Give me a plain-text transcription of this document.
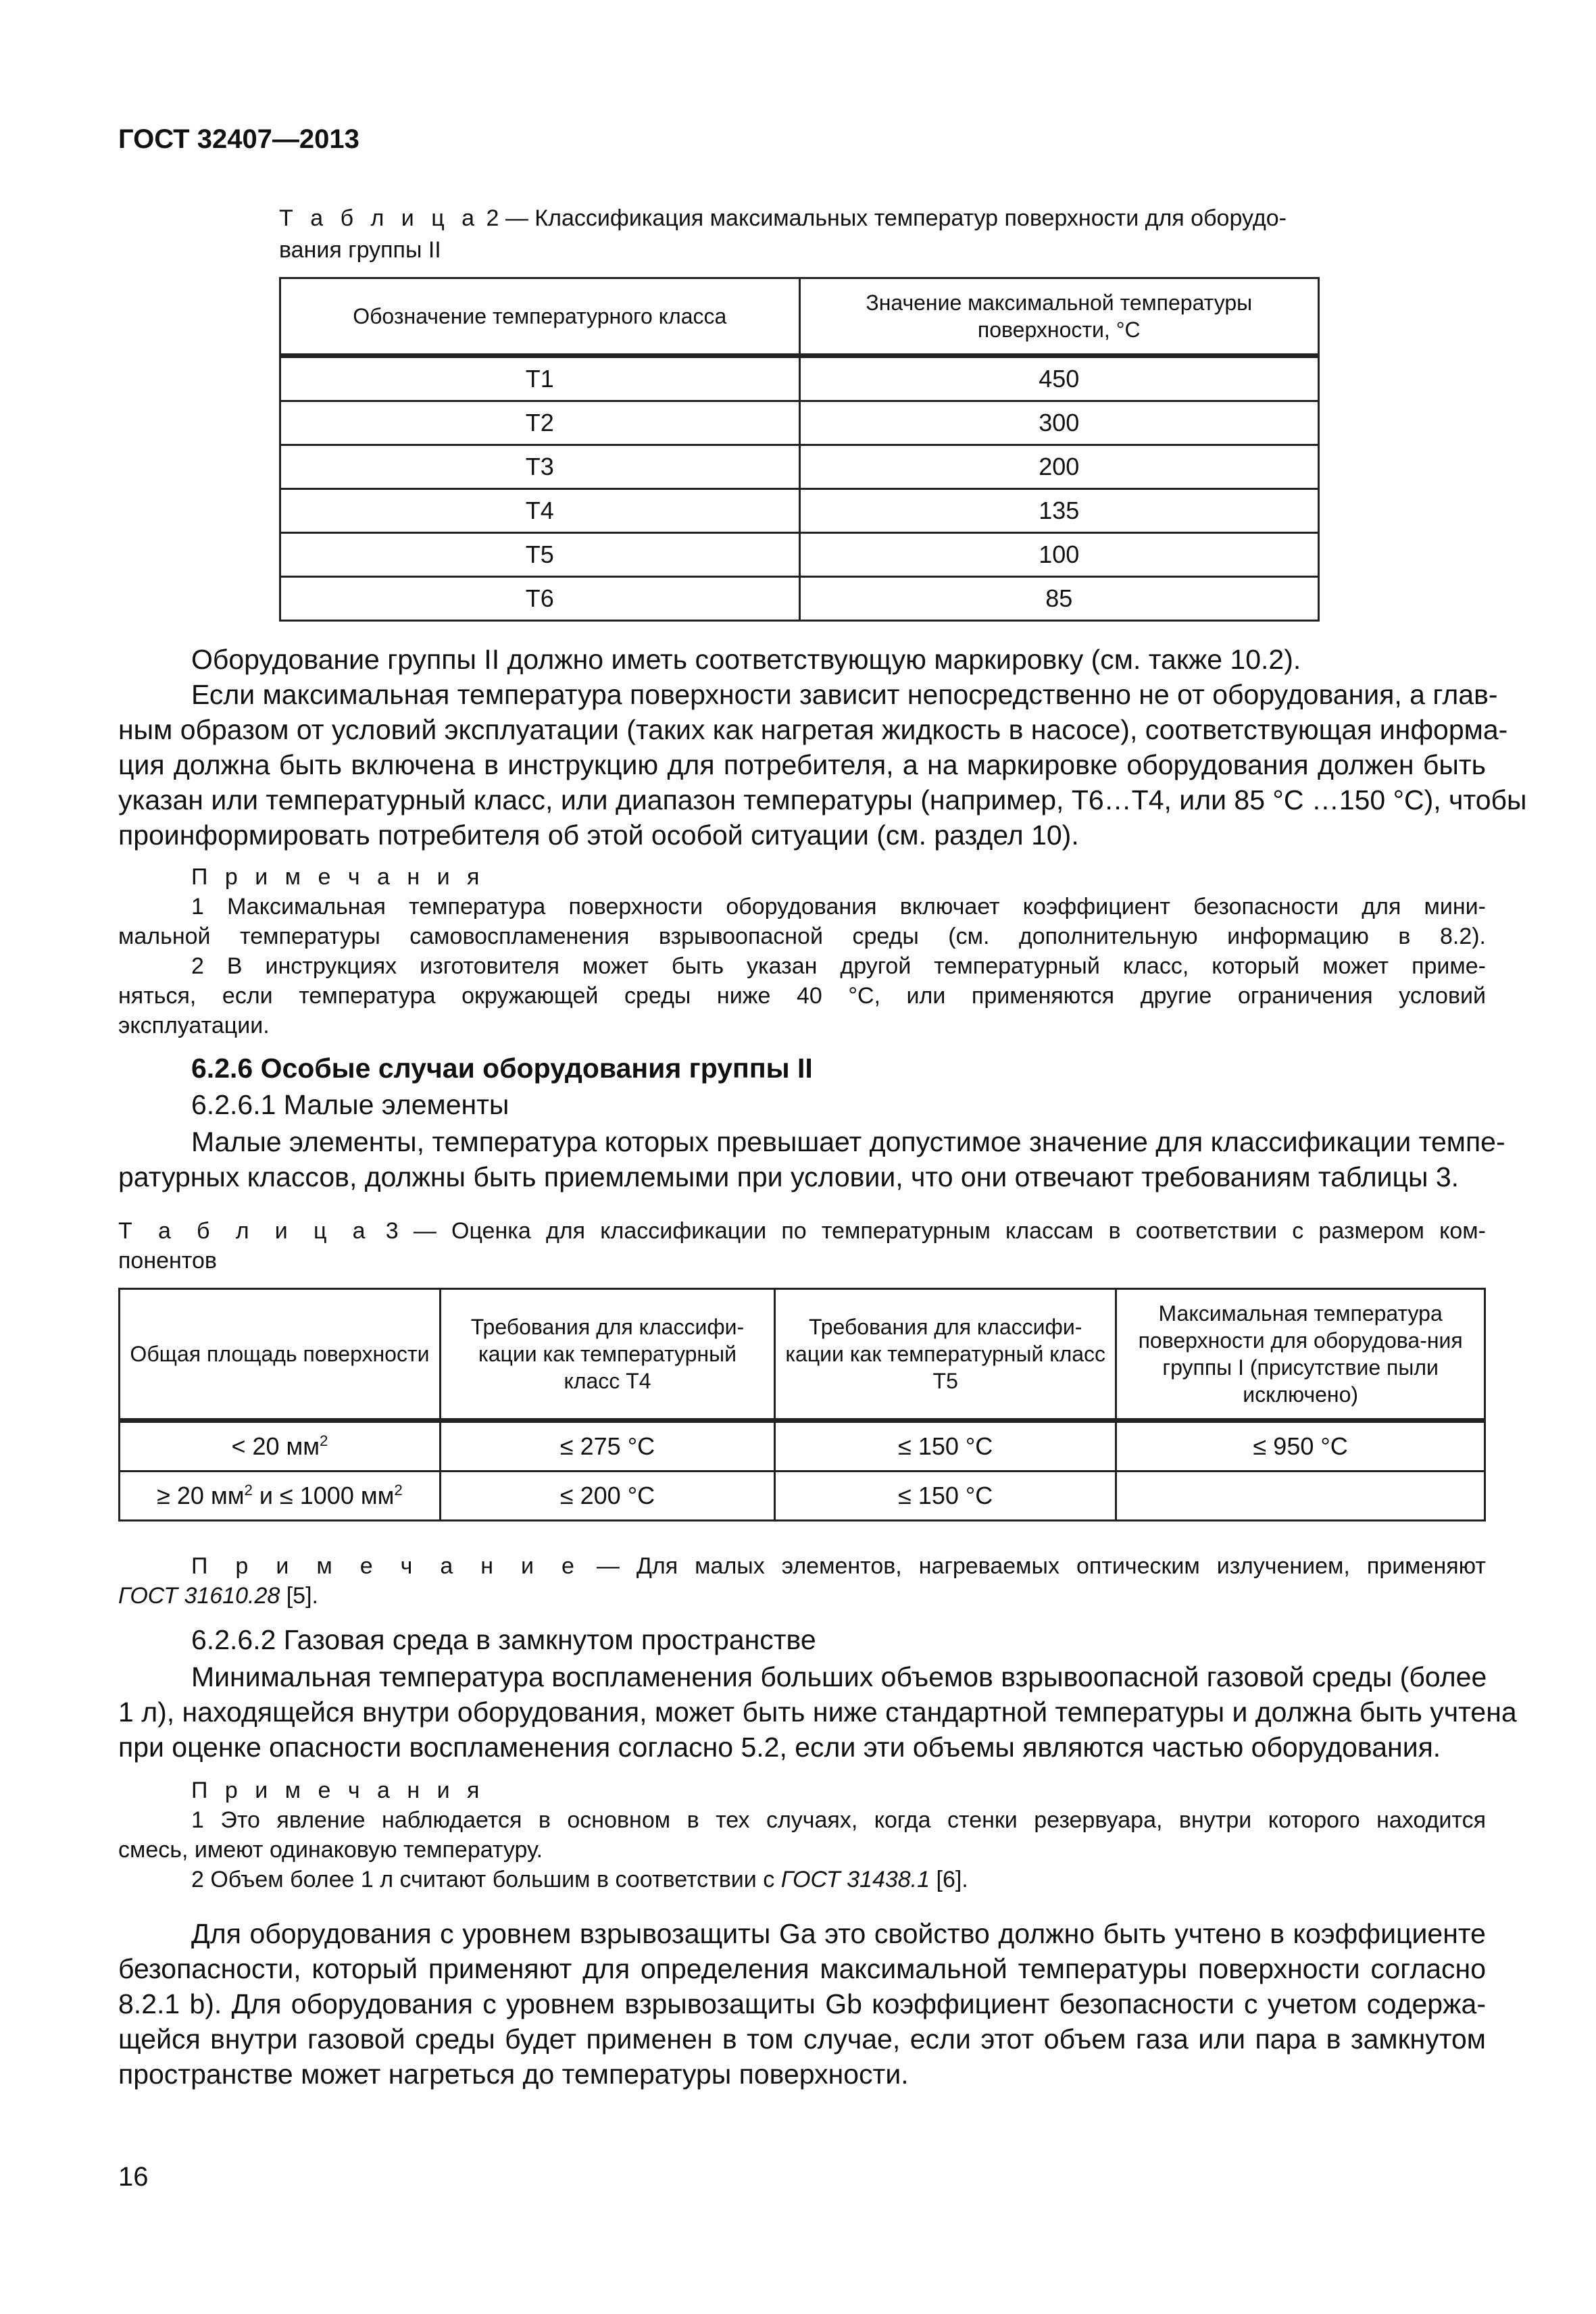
ГОСТ 32407—2013
Т а б л и ц а 2 — Классификация максимальных температур поверхности для оборудо-
вания группы II
Обозначение температурного класса	Значение максимальной температуры поверхности, °С
Т1	450
Т2	300
Т3	200
Т4	135
Т5	100
Т6	85
Оборудование группы II должно иметь соответствующую маркировку (см. также 10.2).
Если максимальная температура поверхности зависит непосредственно не от оборудования, а глав-
ным образом от условий эксплуатации (таких как нагретая жидкость в насосе), соответствующая информа-
ция должна быть включена в инструкцию для потребителя, а на маркировке оборудования должен быть
указан или температурный класс, или диапазон температуры (например, Т6…Т4, или 85 °С …150 °С), чтобы
проинформировать потребителя об этой особой ситуации (см. раздел 10).
П р и м е ч а н и я
1 Максимальная температура поверхности оборудования включает коэффициент безопасности для мини-
мальной температуры самовоспламенения взрывоопасной среды (см. дополнительную информацию в 8.2).
2 В инструкциях изготовителя может быть указан другой температурный класс, который может приме-
няться, если температура окружающей среды ниже 40 °С, или применяются другие ограничения условий
эксплуатации.
6.2.6 Особые случаи оборудования группы II
6.2.6.1 Малые элементы
Малые элементы, температура которых превышает допустимое значение для классификации темпе-
ратурных классов, должны быть приемлемыми при условии, что они отвечают требованиям таблицы 3.
Т а б л и ц а 3 — Оценка для классификации по температурным классам в соответствии с размером ком-
понентов
Общая площадь поверхности	Требования для классифи-кации как температурный класс Т4	Требования для классифи-кации как температурный класс Т5	Максимальная температура поверхности для оборудова-ния группы I (присутствие пыли исключено)
< 20 $мм^2$	≤ 275 °С	≤ 150 °С	≤ 950 °С
≥ 20 $мм^2$ и ≤ 1000 $мм^2$	≤ 200 °С	≤ 150 °С	
П р и м е ч а н и е — Для малых элементов, нагреваемых оптическим излучением, применяют
ГОСТ 31610.28 [5].
6.2.6.2 Газовая среда в замкнутом пространстве
Минимальная температура воспламенения больших объемов взрывоопасной газовой среды (более
1 л), находящейся внутри оборудования, может быть ниже стандартной температуры и должна быть учтена
при оценке опасности воспламенения согласно 5.2, если эти объемы являются частью оборудования.
П р и м е ч а н и я
1 Это явление наблюдается в основном в тех случаях, когда стенки резервуара, внутри которого находится
смесь, имеют одинаковую температуру.
2 Объем более 1 л считают большим в соответствии с ГОСТ 31438.1 [6].
Для оборудования с уровнем взрывозащиты Ga это свойство должно быть учтено в коэффициенте
безопасности, который применяют для определения максимальной температуры поверхности согласно
8.2.1 b). Для оборудования с уровнем взрывозащиты Gb коэффициент безопасности с учетом содержа-
щейся внутри газовой среды будет применен в том случае, если этот объем газа или пара в замкнутом
пространстве может нагреться до температуры поверхности.
16
